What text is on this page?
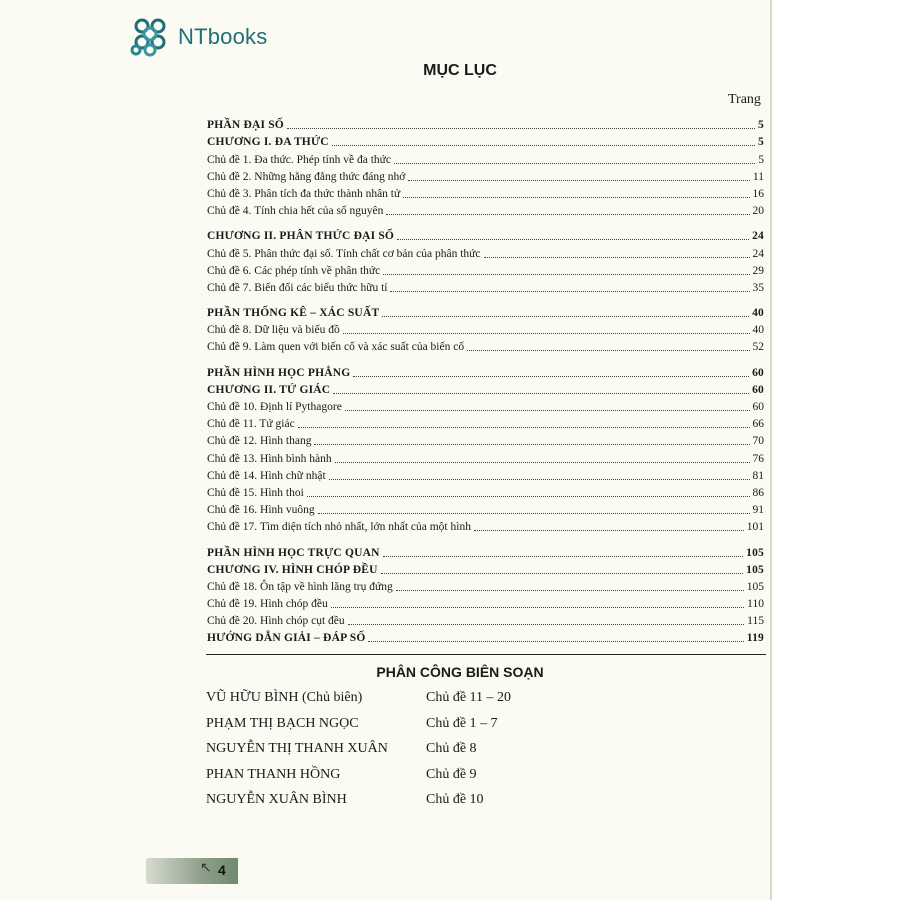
NTbooks
MỤC LỤC
Trang
PHẦN ĐẠI SỐ	5
CHƯƠNG I. ĐA THỨC	5
Chủ đề 1. Đa thức. Phép tính về đa thức	5
Chủ đề 2. Những hằng đẳng thức đáng nhớ	11
Chủ đề 3. Phân tích đa thức thành nhân tử	16
Chủ đề 4. Tính chia hết của số nguyên	20
CHƯƠNG II. PHÂN THỨC ĐẠI SỐ	24
Chủ đề 5. Phân thức đại số. Tính chất cơ bản của phân thức	24
Chủ đề 6. Các phép tính về phân thức	29
Chủ đề 7. Biến đổi các biểu thức hữu tỉ	35
PHẦN THỐNG KÊ – XÁC SUẤT	40
Chủ đề 8. Dữ liệu và biểu đồ	40
Chủ đề 9. Làm quen với biến cố và xác suất của biến cố	52
PHẦN HÌNH HỌC PHẲNG	60
CHƯƠNG II. TỨ GIÁC	60
Chủ đề 10. Định lí Pythagore	60
Chủ đề 11. Tứ giác	66
Chủ đề 12. Hình thang	70
Chủ đề 13. Hình bình hành	76
Chủ đề 14. Hình chữ nhật	81
Chủ đề 15. Hình thoi	86
Chủ đề 16. Hình vuông	91
Chủ đề 17. Tìm diện tích nhỏ nhất, lớn nhất của một hình	101
PHẦN HÌNH HỌC TRỰC QUAN	105
CHƯƠNG IV. HÌNH CHÓP ĐỀU	105
Chủ đề 18. Ôn tập về hình lăng trụ đứng	105
Chủ đề 19. Hình chóp đều	110
Chủ đề 20. Hình chóp cụt đều	115
HƯỚNG DẪN GIẢI – ĐÁP SỐ	119
PHÂN CÔNG BIÊN SOẠN
VŨ HỮU BÌNH (Chủ biên)	Chủ đề 11 – 20
PHẠM THỊ BẠCH NGỌC	Chủ đề 1 – 7
NGUYỄN THỊ THANH XUÂN	Chủ đề 8
PHAN THANH HỒNG	Chủ đề 9
NGUYỄN XUÂN BÌNH	Chủ đề 10
↖ 4
